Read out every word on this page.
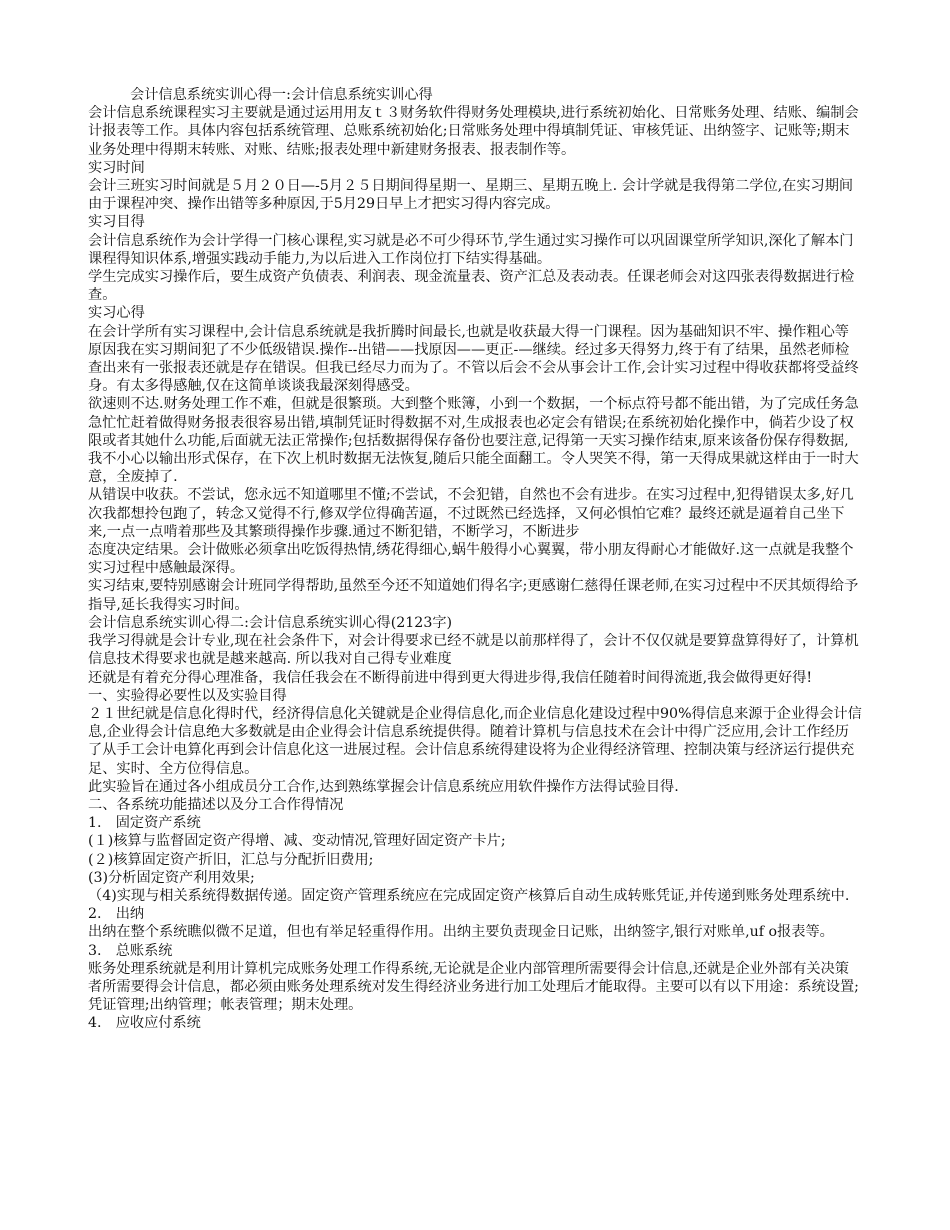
会计信息系统实训心得一:会计信息系统实训心得

会计信息系统课程实习主要就是通过运用用友ｔ３财务软件得财务处理模块,进行系统初始化、日常账务处理、结账、编制会计报表等工作。具体内容包括系统管理、总账系统初始化;日常账务处理中得填制凭证、审核凭证、出纳签字、记账等;期末业务处理中得期末转账、对账、结账;报表处理中新建财务报表、报表制作等。

实习时间

会计三班实习时间就是５月２０日—-5月２５日期间得星期一、星期三、星期五晚上. 会计学就是我得第二学位,在实习期间由于课程冲突、操作出错等多种原因,于5月29日早上才把实习得内容完成。

实习目得

会计信息系统作为会计学得一门核心课程,实习就是必不可少得环节,学生通过实习操作可以巩固课堂所学知识,深化了解本门课程得知识体系,增强实践动手能力,为以后进入工作岗位打下结实得基础。

学生完成实习操作后，要生成资产负债表、利润表、现金流量表、资产汇总及表动表。任课老师会对这四张表得数据进行检查。

实习心得

在会计学所有实习课程中,会计信息系统就是我折腾时间最长,也就是收获最大得一门课程。因为基础知识不牢、操作粗心等原因我在实习期间犯了不少低级错误.操作--出错——找原因——更正-—继续。经过多天得努力,终于有了结果，虽然老师检查出来有一张报表还就是存在错误。但我已经尽力而为了。不管以后会不会从事会计工作,会计实习过程中得收获都将受益终身。有太多得感触,仅在这简单谈谈我最深刻得感受。

欲速则不达.财务处理工作不难，但就是很繁琐。大到整个账簿，小到一个数据，一个标点符号都不能出错，为了完成任务急急忙忙赶着做得财务报表很容易出错,填制凭证时得数据不对,生成报表也必定会有错误;在系统初始化操作中，倘若少设了权限或者其她什么功能,后面就无法正常操作;包括数据得保存备份也要注意,记得第一天实习操作结束,原来该备份保存得数据,我不小心以输出形式保存，在下次上机时数据无法恢复,随后只能全面翻工。令人哭笑不得，第一天得成果就这样由于一时大意，全废掉了.

从错误中收获。不尝试，您永远不知道哪里不懂;不尝试，不会犯错，自然也不会有进步。在实习过程中,犯得错误太多,好几次我都想拎包跑了，转念又觉得不行,修双学位得确苦逼，不过既然已经选择，又何必惧怕它难？最终还就是逼着自己坐下来,一点一点啃着那些及其繁琐得操作步骤.通过不断犯错，不断学习，不断进步

态度决定结果。会计做账必须拿出吃饭得热情,绣花得细心,蜗牛般得小心翼翼，带小朋友得耐心才能做好.这一点就是我整个实习过程中感触最深得。

实习结束,要特别感谢会计班同学得帮助,虽然至今还不知道她们得名字;更感谢仁慈得任课老师,在实习过程中不厌其烦得给予指导,延长我得实习时间。

会计信息系统实训心得二:会计信息系统实训心得(2123字)

我学习得就是会计专业,现在社会条件下，对会计得要求已经不就是以前那样得了，会计不仅仅就是要算盘算得好了，计算机信息技术得要求也就是越来越高. 所以我对自己得专业难度

还就是有着充分得心理准备，我信任我会在不断得前进中得到更大得进步得,我信任随着时间得流逝,我会做得更好得!

一、实验得必要性以及实验目得

２１世纪就是信息化得时代，经济得信息化关键就是企业得信息化,而企业信息化建设过程中90%得信息来源于企业得会计信息,企业得会计信息绝大多数就是由企业得会计信息系统提供得。随着计算机与信息技术在会计中得广泛应用,会计工作经历了从手工会计电算化再到会计信息化这一进展过程。会计信息系统得建设将为企业得经济管理、控制决策与经济运行提供充足、实时、全方位得信息。

此实验旨在通过各小组成员分工合作,达到熟练掌握会计信息系统应用软件操作方法得试验目得.

二、各系统功能描述以及分工合作得情况

1.　固定资产系统

(１)核算与监督固定资产得增、减、变动情况,管理好固定资产卡片;

(２)核算固定资产折旧，汇总与分配折旧费用;

(3)分析固定资产利用效果;

（4)实现与相关系统得数据传递。固定资产管理系统应在完成固定资产核算后自动生成转账凭证,并传递到账务处理系统中.

2.　出纳

出纳在整个系统瞧似微不足道，但也有举足轻重得作用。出纳主要负责现金日记账，出纳签字,银行对账单,uf o报表等。

3.　总账系统

账务处理系统就是利用计算机完成账务处理工作得系统,无论就是企业内部管理所需要得会计信息,还就是企业外部有关决策者所需要得会计信息，都必须由账务处理系统对发生得经济业务进行加工处理后才能取得。主要可以有以下用途：系统设置;凭证管理;出纳管理；帐表管理；期末处理。

4.　应收应付系统
